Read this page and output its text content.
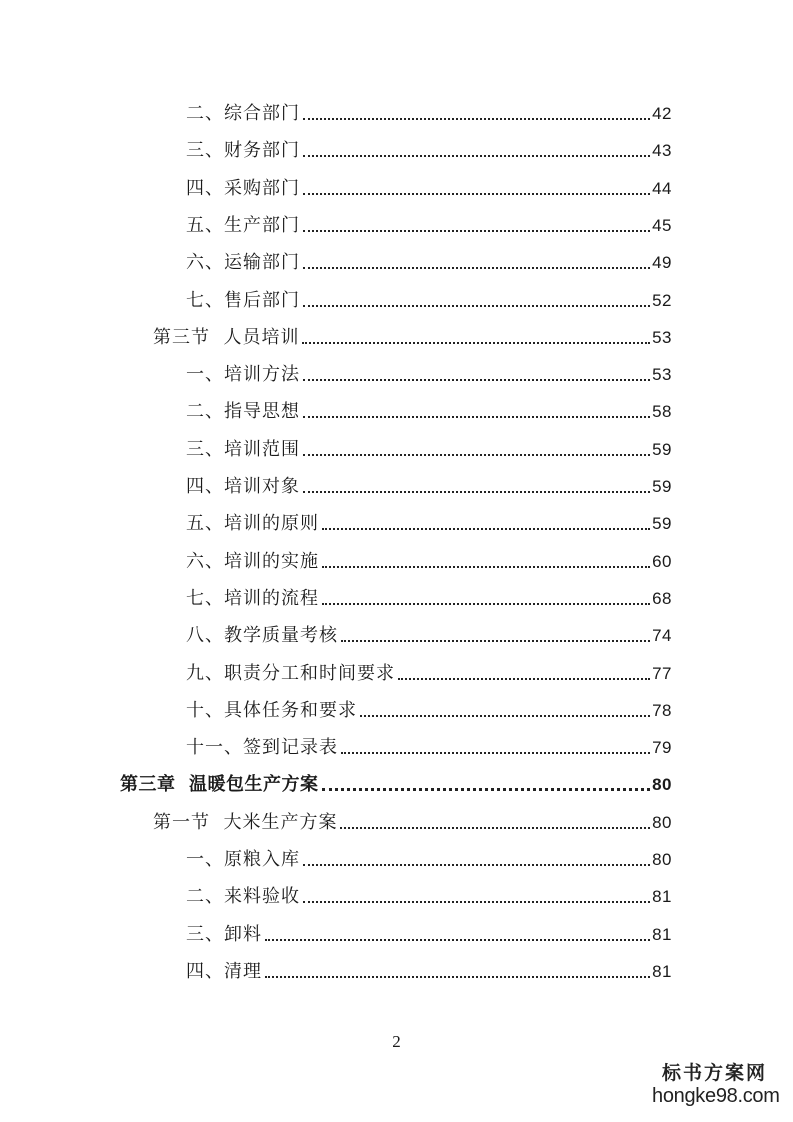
二、综合部门	42
三、财务部门	43
四、采购部门	44
五、生产部门	45
六、运输部门	49
七、售后部门	52
第三节  人员培训	53
一、培训方法	53
二、指导思想	58
三、培训范围	59
四、培训对象	59
五、培训的原则	59
六、培训的实施	60
七、培训的流程	68
八、教学质量考核	74
九、职责分工和时间要求	77
十、具体任务和要求	78
十一、签到记录表	79
第三章  温暖包生产方案	80
第一节  大米生产方案	80
一、原粮入库	80
二、来料验收	81
三、卸料	81
四、清理	81
2
标书方案网
hongke98.com
